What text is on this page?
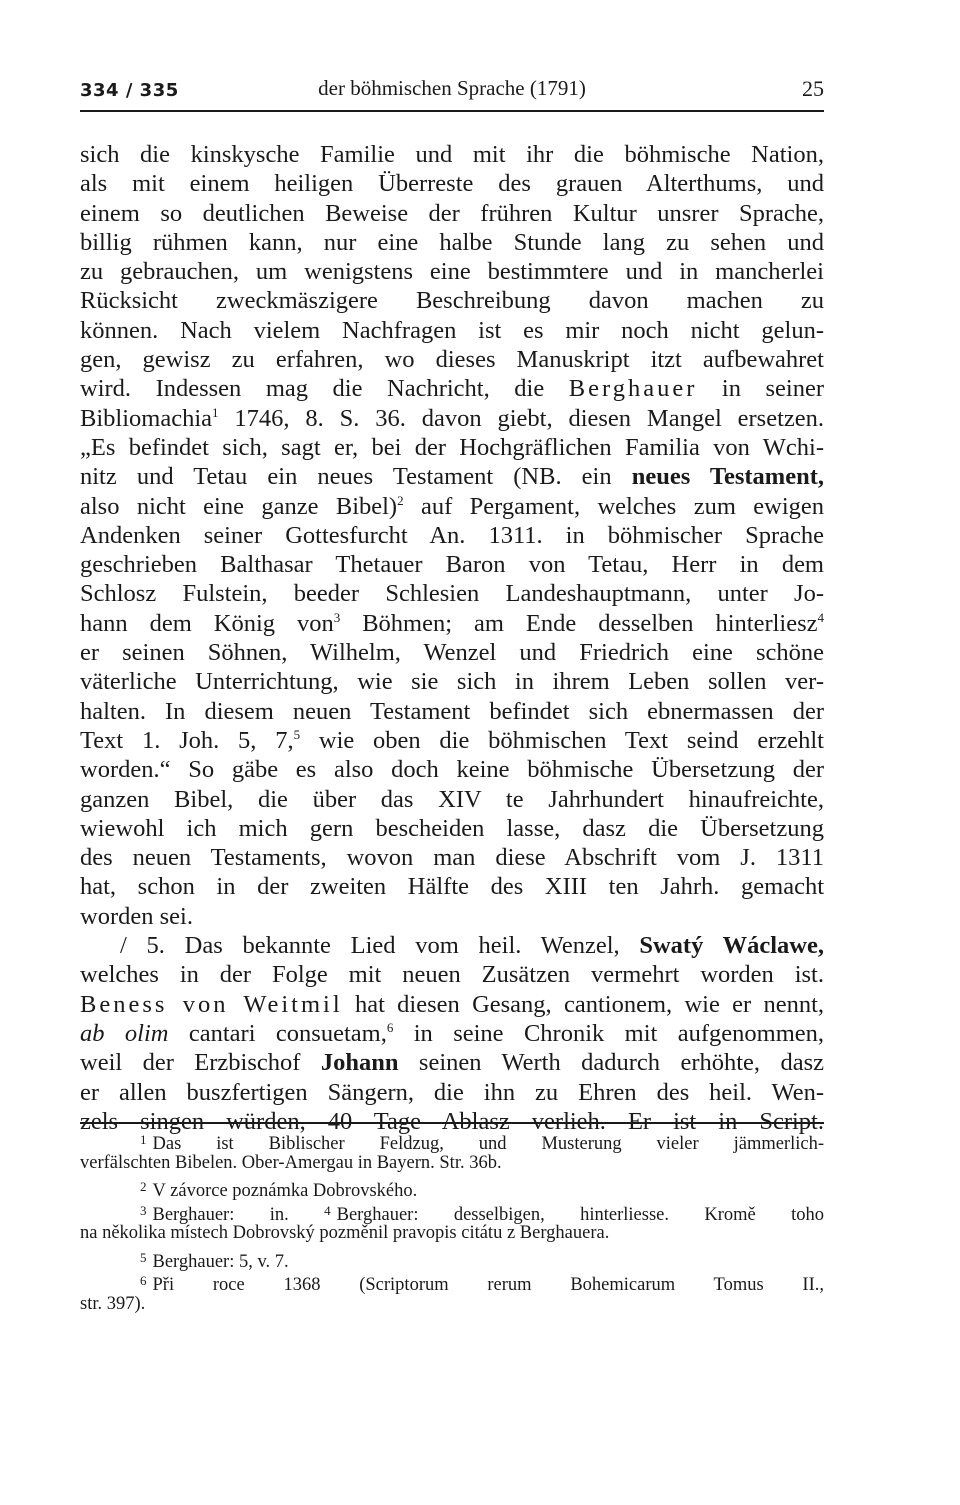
334 / 335	der böhmischen Sprache (1791)	25
sich die kinskysche Familie und mit ihr die böhmische Nation,
als mit einem heiligen Überreste des grauen Alterthums, und
einem so deutlichen Beweise der frühren Kultur unsrer Sprache,
billig rühmen kann, nur eine halbe Stunde lang zu sehen und
zu gebrauchen, um wenigstens eine bestimmtere und in mancherlei
Rücksicht zweckmäszigere Beschreibung davon machen zu
können. Nach vielem Nachfragen ist es mir noch nicht gelun-
gen, gewisz zu erfahren, wo dieses Manuskript itzt aufbewahret
wird. Indessen mag die Nachricht, die Berghauer in seiner
Bibliomachia$^1$ 1746, 8. S. 36. davon giebt, diesen Mangel ersetzen.
„Es befindet sich, sagt er, bei der Hochgräflichen Familia von Wchi-
nitz und Tetau ein neues Testament (NB. ein neues Testament,
also nicht eine ganze Bibel)$^2$ auf Pergament, welches zum ewigen
Andenken seiner Gottesfurcht An. 1311. in böhmischer Sprache
geschrieben Balthasar Thetauer Baron von Tetau, Herr in dem
Schlosz Fulstein, beeder Schlesien Landeshauptmann, unter Jo-
hann dem König von$^3$ Böhmen; am Ende desselben hinterliesz$^4$
er seinen Söhnen, Wilhelm, Wenzel und Friedrich eine schöne
väterliche Unterrichtung, wie sie sich in ihrem Leben sollen ver-
halten. In diesem neuen Testament befindet sich ebnermassen der
Text 1. Joh. 5, 7,$^5$ wie oben die böhmischen Text seind erzehlt
worden.“ So gäbe es also doch keine böhmische Übersetzung der
ganzen Bibel, die über das XIV te Jahrhundert hinaufreichte,
wiewohl ich mich gern bescheiden lasse, dasz die Übersetzung
des neuen Testaments, wovon man diese Abschrift vom J. 1311
hat, schon in der zweiten Hälfte des XIII ten Jahrh. gemacht
worden sei.
/ 5. Das bekannte Lied vom heil. Wenzel, Swatý Wáclawe,
welches in der Folge mit neuen Zusätzen vermehrt worden ist.
Beness von Weitmil hat diesen Gesang, cantionem, wie er nennt,
ab olim cantari consuetam,$^6$ in seine Chronik mit aufgenommen,
weil der Erzbischof Johann seinen Werth dadurch erhöhte, dasz
er allen buszfertigen Sängern, die ihn zu Ehren des heil. Wen-
zels singen würden, 40 Tage Ablasz verlieh. Er ist in Script.
$^1$ Das ist Biblischer Feldzug, und Musterung vieler jämmerlich-
verfälschten Bibelen. Ober-Amergau in Bayern. Str. 36b.
$^2$ V závorce poznámka Dobrovského.
$^3$ Berghauer: in.	$^4$ Berghauer: desselbigen, hinterliesse. Kromě toho
na několika místech Dobrovský pozměnil pravopis citátu z Berghauera.
$^5$ Berghauer: 5, v. 7.
$^6$ Při roce 1368 (Scriptorum rerum Bohemicarum Tomus II.,
str. 397).
